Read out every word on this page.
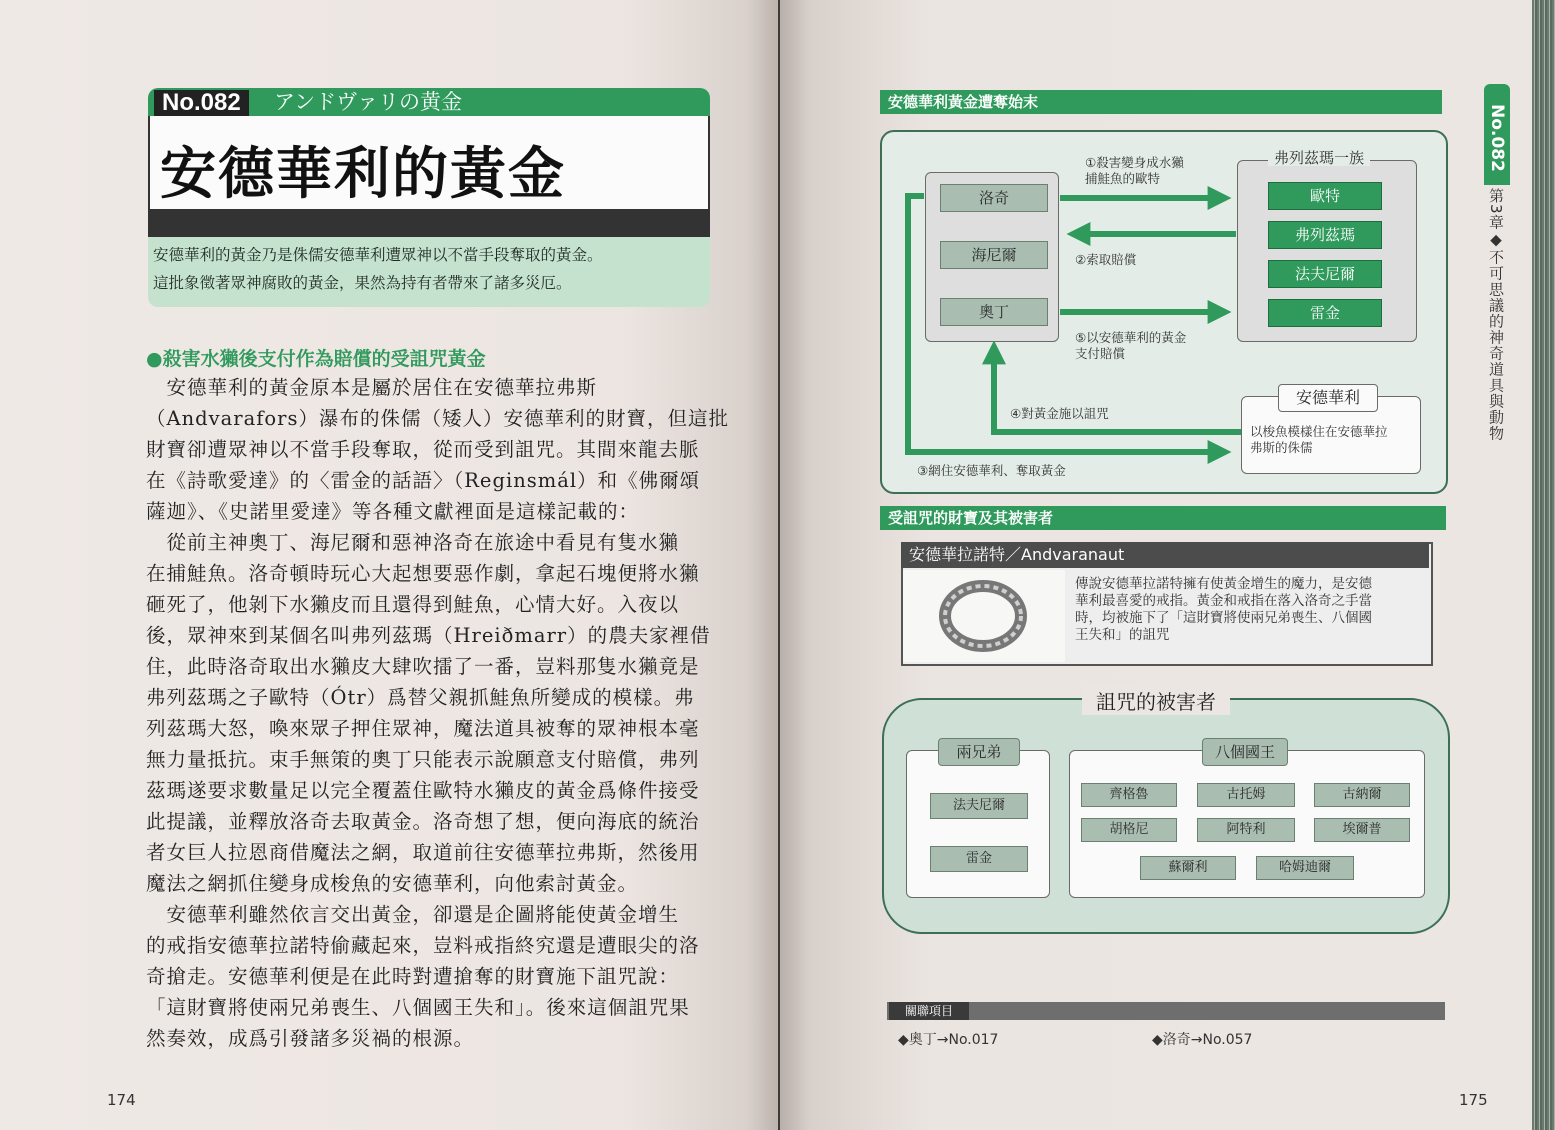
No.082	アンドヴァリの黄金
安德華利的黃金
安德華利的黃金乃是侏儒安德華利遭眾神以不當手段奪取的黃金。
這批象徵著眾神腐敗的黃金，果然為持有者帶來了諸多災厄。
●殺害水獺後支付作為賠償的受詛咒黃金

　安德華利的黃金原本是屬於居住在安德華拉弗斯

（Andvarafors）瀑布的侏儒（矮人）安德華利的財寶，但這批

財寶卻遭眾神以不當手段奪取，從而受到詛咒。其間來龍去脈

在《詩歌愛達》的〈雷金的話語〉（Reginsmál）和《佛爾頌

薩迦》、《史諾里愛達》等各種文獻裡面是這樣記載的：

　從前主神奧丁、海尼爾和惡神洛奇在旅途中看見有隻水獺

在捕鮭魚。洛奇頓時玩心大起想要惡作劇，拿起石塊便將水獺

砸死了，他剝下水獺皮而且還得到鮭魚，心情大好。入夜以

後，眾神來到某個名叫弗列茲瑪（Hreiðmarr）的農夫家裡借

住，此時洛奇取出水獺皮大肆吹擂了一番，豈料那隻水獺竟是

弗列茲瑪之子歐特（Ótr）爲替父親抓鮭魚所變成的模樣。弗

列茲瑪大怒，喚來眾子押住眾神，魔法道具被奪的眾神根本毫

無力量抵抗。束手無策的奧丁只能表示說願意支付賠償，弗列

茲瑪遂要求數量足以完全覆蓋住歐特水獺皮的黃金爲條件接受

此提議，並釋放洛奇去取黃金。洛奇想了想，便向海底的統治

者女巨人拉恩商借魔法之網，取道前往安德華拉弗斯，然後用

魔法之網抓住變身成梭魚的安德華利，向他索討黃金。

　安德華利雖然依言交出黃金，卻還是企圖將能使黃金增生

的戒指安德華拉諾特偷藏起來，豈料戒指終究還是遭眼尖的洛

奇搶走。安德華利便是在此時對遭搶奪的財寶施下詛咒說：

「這財寶將使兩兄弟喪生、八個國王失和」。後來這個詛咒果

然奏效，成爲引發諸多災禍的根源。

174
安德華利黃金遭奪始末
洛奇
海尼爾
奧丁
弗列茲瑪一族
歐特
弗列茲瑪
法夫尼爾
雷金
①殺害變身成水獺
捕鮭魚的歐特
②索取賠償
⑤以安德華利的黃金
支付賠償
④對黃金施以詛咒
③網住安德華利、奪取黃金
安德華利
以梭魚模樣住在安德華拉
弗斯的侏儒
受詛咒的財寶及其被害者
安德華拉諾特／Andvaranaut
傳說安德華拉諾特擁有使黃金增生的魔力，是安德
華利最喜愛的戒指。黃金和戒指在落入洛奇之手當
時，均被施下了「這財寶將使兩兄弟喪生、八個國
王失和」的詛咒
詛咒的被害者
兩兄弟
法夫尼爾
雷金
八個國王
齊格魯	古托姆	古納爾
胡格尼	阿特利	埃爾普
蘇爾利	哈姆迪爾
關聯項目
◆奧丁→No.017	◆洛奇→No.057
No.082
第3章◆不可思議的神奇道具與動物
175
